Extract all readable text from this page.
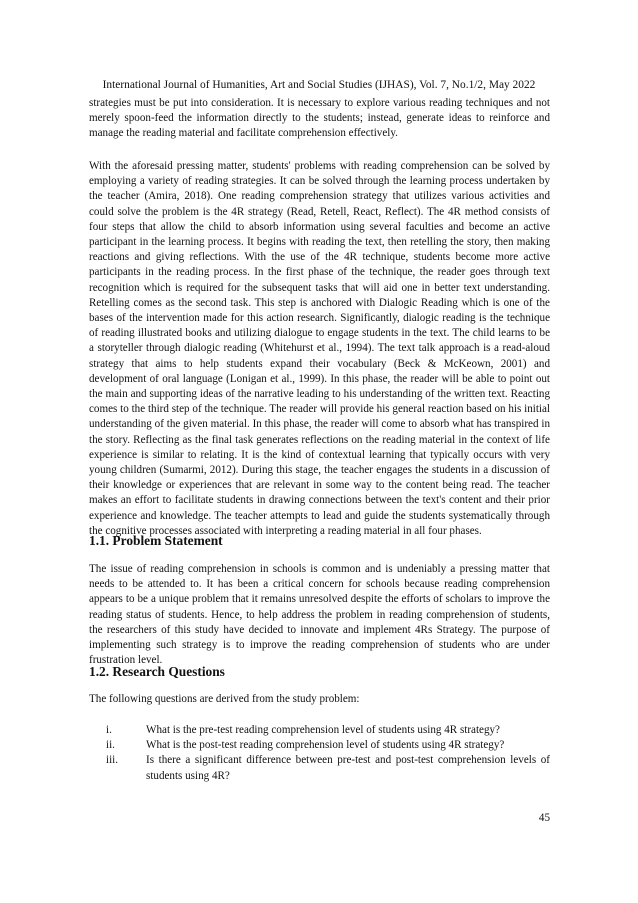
International Journal of Humanities, Art and Social Studies (IJHAS), Vol. 7, No.1/2, May 2022

strategies must be put into consideration. It is necessary to explore various reading techniques and not merely spoon-feed the information directly to the students; instead, generate ideas to reinforce and manage the reading material and facilitate comprehension effectively.

With the aforesaid pressing matter, students' problems with reading comprehension can be solved by employing a variety of reading strategies. It can be solved through the learning process undertaken by the teacher (Amira, 2018). One reading comprehension strategy that utilizes various activities and could solve the problem is the 4R strategy (Read, Retell, React, Reflect). The 4R method consists of four steps that allow the child to absorb information using several faculties and become an active participant in the learning process. It begins with reading the text, then retelling the story, then making reactions and giving reflections. With the use of the 4R technique, students become more active participants in the reading process. In the first phase of the technique, the reader goes through text recognition which is required for the subsequent tasks that will aid one in better text understanding. Retelling comes as the second task. This step is anchored with Dialogic Reading which is one of the bases of the intervention made for this action research. Significantly, dialogic reading is the technique of reading illustrated books and utilizing dialogue to engage students in the text. The child learns to be a storyteller through dialogic reading (Whitehurst et al., 1994). The text talk approach is a read-aloud strategy that aims to help students expand their vocabulary (Beck & McKeown, 2001) and development of oral language (Lonigan et al., 1999). In this phase, the reader will be able to point out the main and supporting ideas of the narrative leading to his understanding of the written text. Reacting comes to the third step of the technique. The reader will provide his general reaction based on his initial understanding of the given material. In this phase, the reader will come to absorb what has transpired in the story. Reflecting as the final task generates reflections on the reading material in the context of life experience is similar to relating. It is the kind of contextual learning that typically occurs with very young children (Sumarmi, 2012). During this stage, the teacher engages the students in a discussion of their knowledge or experiences that are relevant in some way to the content being read. The teacher makes an effort to facilitate students in drawing connections between the text's content and their prior experience and knowledge. The teacher attempts to lead and guide the students systematically through the cognitive processes associated with interpreting a reading material in all four phases.

1.1. Problem Statement

The issue of reading comprehension in schools is common and is undeniably a pressing matter that needs to be attended to. It has been a critical concern for schools because reading comprehension appears to be a unique problem that it remains unresolved despite the efforts of scholars to improve the reading status of students. Hence, to help address the problem in reading comprehension of students, the researchers of this study have decided to innovate and implement 4Rs Strategy. The purpose of implementing such strategy is to improve the reading comprehension of students who are under frustration level.

1.2. Research Questions

The following questions are derived from the study problem:

i.	What is the pre-test reading comprehension level of students using 4R strategy?
ii.	What is the post-test reading comprehension level of students using 4R strategy?
iii.	Is there a significant difference between pre-test and post-test comprehension levels of students using 4R?
45
